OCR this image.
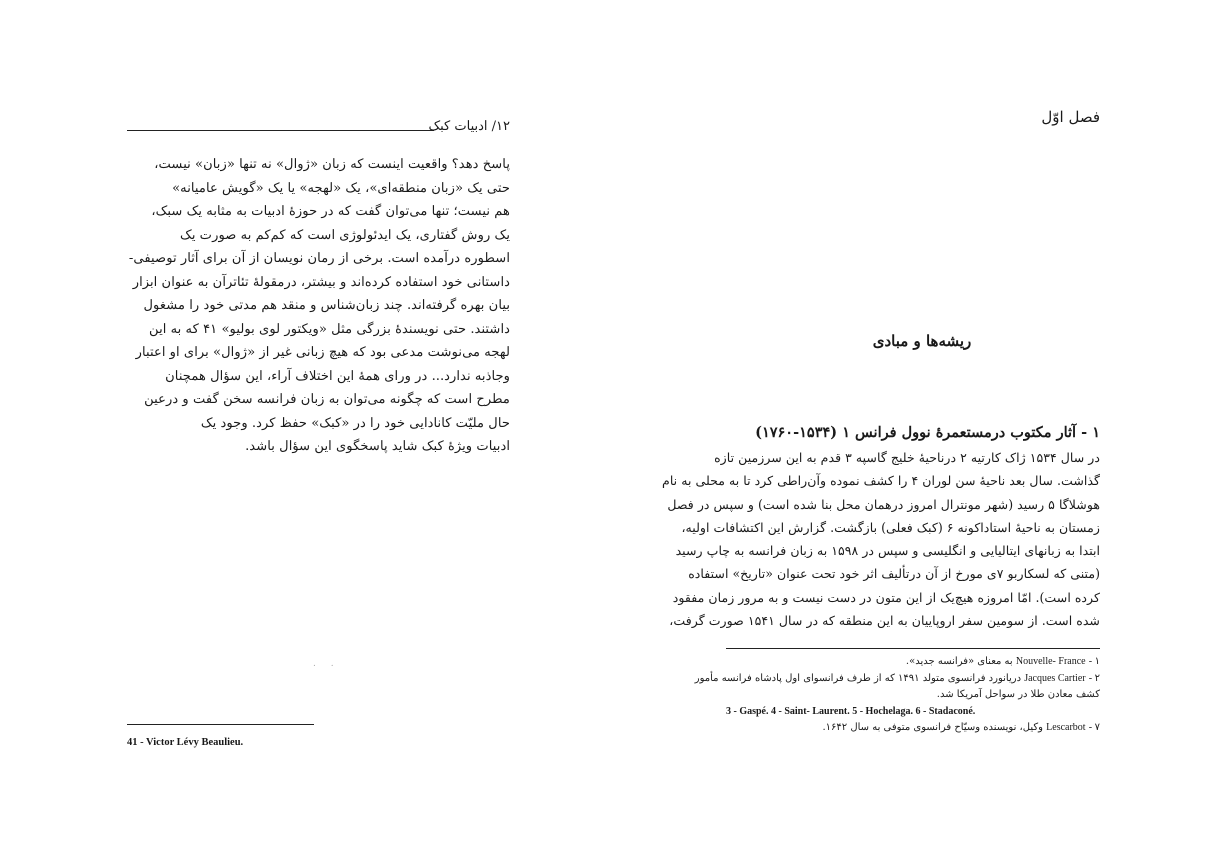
۱۲/ ادبیات کبک
پاسخ دهد؟ واقعیت اینست که زبان «ژوال» نه تنها «زبان» نیست،
حتی یک «زبان منطقه‌ای»، یک «لهجه» یا یک «گویش عامیانه»
هم نیست؛ تنها می‌توان گفت که در حوزهٔ ادبیات به مثابه یک سبک،
یک روش گفتاری، یک ایدئولوژی است که کم‌کم به صورت یک
اسطوره درآمده است. برخی از رمان نویسان از آن برای آثار توصیفی-
داستانی خود استفاده کرده‌اند و بیشتر، درمقولهٔ تئاترآن به عنوان ابزار
بیان بهره گرفته‌اند. چند زبان‌شناس و منقد هم مدتی خود را مشغول
داشتند. حتی نویسندهٔ بزرگی مثل «ویکتور لوی بولیو» ۴۱ که به این
لهجه می‌نوشت مدعی بود که هیچ زبانی غیر از «ژوال» برای او اعتبار
وجاذبه ندارد... در ورای همهٔ این اختلاف آراء، این سؤال همچنان
مطرح است که چگونه می‌توان به زبان فرانسه سخن گفت و درعین
حال ملیّت کانادایی خود را در «کبک» حفظ کرد. وجود یک
ادبیات ویژهٔ کبک شاید پاسخگوی این سؤال باشد.
. .
41 - Victor Lévy Beaulieu.
فصل اوّل
ریشه‌ها و مبادی
۱ - آثار مکتوب درمستعمرهٔ نوول فرانس ۱ (۱۵۳۴-۱۷۶۰)
در سال ۱۵۳۴ ژاک کارتیه ۲ درناحیهٔ خلیج گاسپه ۳ قدم به این سرزمین تازه
گذاشت. سال بعد ناحیهٔ سن لوران ۴ را کشف نموده وآن‌راطی کرد تا به محلی به نام
هوشلاگا ۵ رسید (شهر مونترال امروز درهمان محل بنا شده است) و سپس در فصل
زمستان به ناحیهٔ استاداکونه ۶ (کبک فعلی) بازگشت. گزارش این اکتشافات اولیه،
ابتدا به زبانهای ایتالیایی و انگلیسی و سپس در ۱۵۹۸ به زبان فرانسه به چاپ رسید
(متنی که لسکاربو ۷ی مورخ از آن درتألیف اثر خود تحت عنوان «تاریخ» استفاده
کرده است). امّا امروزه هیچ‌یک از این متون در دست نیست و به مرور زمان مفقود
شده است. از سومین سفر اروپاییان به این منطقه که در سال ۱۵۴۱ صورت گرفت،
۱ - Nouvelle- France به معنای «فرانسه جدید».
۲ - Jacques Cartier دریانورد فرانسوی متولد ۱۴۹۱ که از طرف فرانسوای اول پادشاه فرانسه مأمور
کشف معادن طلا در سواحل آمریکا شد.
3 - Gaspé. 4 - Saint- Laurent. 5 - Hochelaga. 6 - Stadaconé.
۷ - Lescarbot وکیل، نویسنده وسیّاح فرانسوی متوفی به سال ۱۶۴۲.
